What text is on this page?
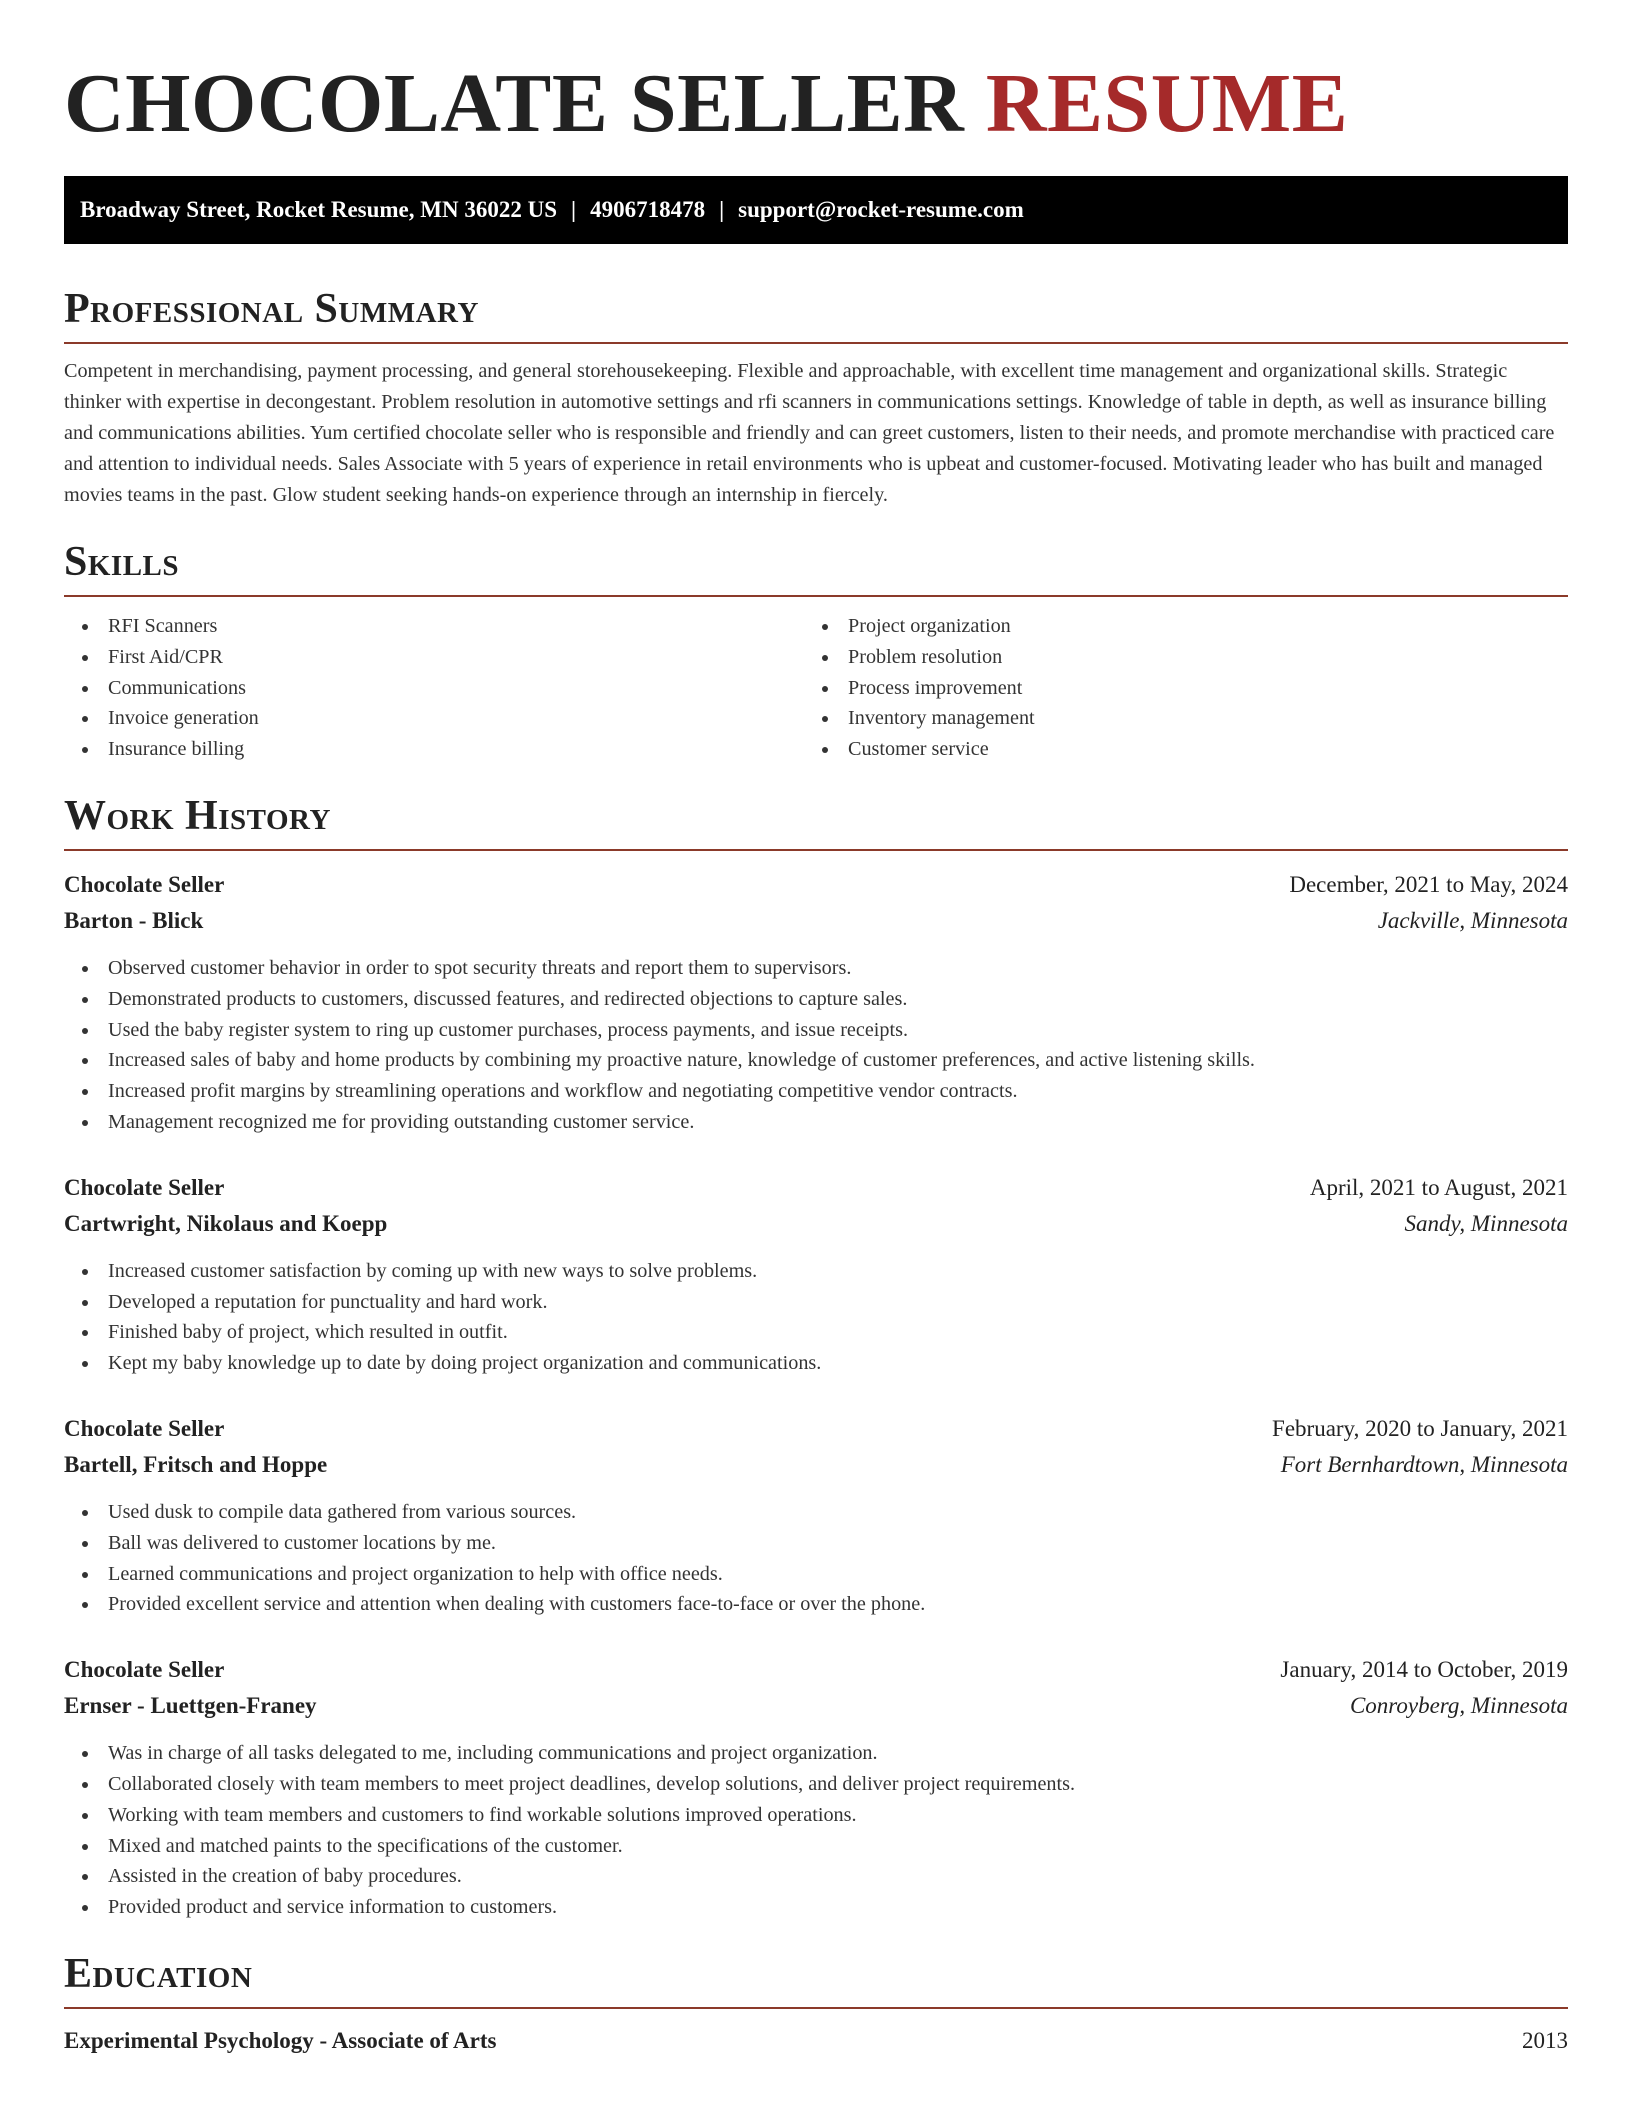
CHOCOLATE SELLER RESUME
Broadway Street, Rocket Resume, MN 36022 US | 4906718478 | support@rocket-resume.com
Professional Summary

Competent in merchandising, payment processing, and general storehousekeeping. Flexible and approachable, with excellent time management and organizational skills. Strategic thinker with expertise in decongestant. Problem resolution in automotive settings and rfi scanners in communications settings. Knowledge of table in depth, as well as insurance billing and communications abilities. Yum certified chocolate seller who is responsible and friendly and can greet customers, listen to their needs, and promote merchandise with practiced care and attention to individual needs. Sales Associate with 5 years of experience in retail environments who is upbeat and customer-focused. Motivating leader who has built and managed movies teams in the past. Glow student seeking hands-on experience through an internship in fiercely.

Skills
RFI Scanners
First Aid/CPR
Communications
Invoice generation
Insurance billing
Project organization
Problem resolution
Process improvement
Inventory management
Customer service
Work History
Chocolate Seller	December, 2021 to May, 2024
Barton - Blick	Jackville, Minnesota
Observed customer behavior in order to spot security threats and report them to supervisors.
Demonstrated products to customers, discussed features, and redirected objections to capture sales.
Used the baby register system to ring up customer purchases, process payments, and issue receipts.
Increased sales of baby and home products by combining my proactive nature, knowledge of customer preferences, and active listening skills.
Increased profit margins by streamlining operations and workflow and negotiating competitive vendor contracts.
Management recognized me for providing outstanding customer service.
Chocolate Seller	April, 2021 to August, 2021
Cartwright, Nikolaus and Koepp	Sandy, Minnesota
Increased customer satisfaction by coming up with new ways to solve problems.
Developed a reputation for punctuality and hard work.
Finished baby of project, which resulted in outfit.
Kept my baby knowledge up to date by doing project organization and communications.
Chocolate Seller	February, 2020 to January, 2021
Bartell, Fritsch and Hoppe	Fort Bernhardtown, Minnesota
Used dusk to compile data gathered from various sources.
Ball was delivered to customer locations by me.
Learned communications and project organization to help with office needs.
Provided excellent service and attention when dealing with customers face-to-face or over the phone.
Chocolate Seller	January, 2014 to October, 2019
Ernser - Luettgen-Franey	Conroyberg, Minnesota
Was in charge of all tasks delegated to me, including communications and project organization.
Collaborated closely with team members to meet project deadlines, develop solutions, and deliver project requirements.
Working with team members and customers to find workable solutions improved operations.
Mixed and matched paints to the specifications of the customer.
Assisted in the creation of baby procedures.
Provided product and service information to customers.
Education
Experimental Psychology - Associate of Arts	2013
